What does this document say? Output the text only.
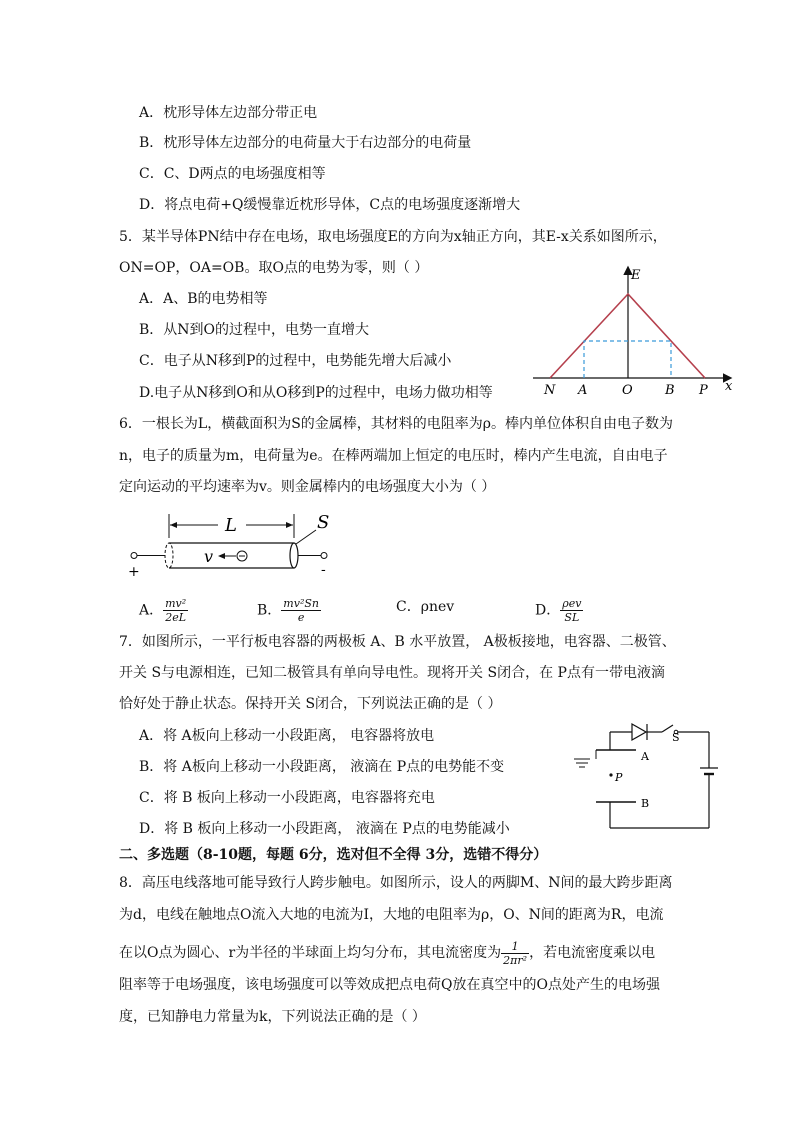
A．枕形导体左边部分带正电
B．枕形导体左边部分的电荷量大于右边部分的电荷量
C．C、D两点的电场强度相等
D．将点电荷+Q缓慢靠近枕形导体，C点的电场强度逐渐增大
5．某半导体PN结中存在电场，取电场强度E的方向为x轴正方向，其E-x关系如图所示，
ON=OP，OA=OB。取O点的电势为零，则（ ）
A．A、B的电势相等
B．从N到O的过程中，电势一直增大
C．电子从N移到P的过程中，电势能先增大后减小
D.电子从N移到O和从O移到P的过程中，电场力做功相等
E
x
N A	O B P
6．一根长为L，横截面积为S的金属棒，其材料的电阻率为ρ。棒内单位体积自由电子数为
n，电子的质量为m，电荷量为e。在棒两端加上恒定的电压时，棒内产生电流，自由电子
定向运动的平均速率为v。则金属棒内的电场强度大小为（ ）
L
+	-
S
v
A． $\frac{\text{mv²}}{2eL}$	B． $\frac{\text{mv²Sn}}{e}$	C．ρnev	D． $\frac{\text{ρev}}{SL}$
7．如图所示，一平行板电容器的两极板 A、B 水平放置， A极板接地，电容器、二极管、
开关 S与电源相连，已知二极管具有单向导电性。现将开关 S闭合，在 P点有一带电液滴
恰好处于静止状态。保持开关 S闭合，下列说法正确的是（ ）
A．将 A板向上移动一小段距离， 电容器将放电
B．将 A板向上移动一小段距离， 液滴在 P点的电势能不变
C．将 B 板向上移动一小段距离，电容器将充电
D．将 B 板向上移动一小段距离， 液滴在 P点的电势能减小
S
A
P
B
二、多选题（8-10题，每题 6分，选对但不全得 3分，选错不得分）
8．高压电线落地可能导致行人跨步触电。如图所示，设人的两脚M、N间的最大跨步距离
为d，电线在触地点O流入大地的电流为I，大地的电阻率为ρ，O、N间的距离为R，电流
在以O点为圆心、r为半径的半球面上均匀分布，其电流密度为 $\frac{1}{\text{2πr²}}$ ，若电流密度乘以电
阻率等于电场强度，该电场强度可以等效成把点电荷Q放在真空中的O点处产生的电场强
度，已知静电力常量为k，下列说法正确的是（ ）
